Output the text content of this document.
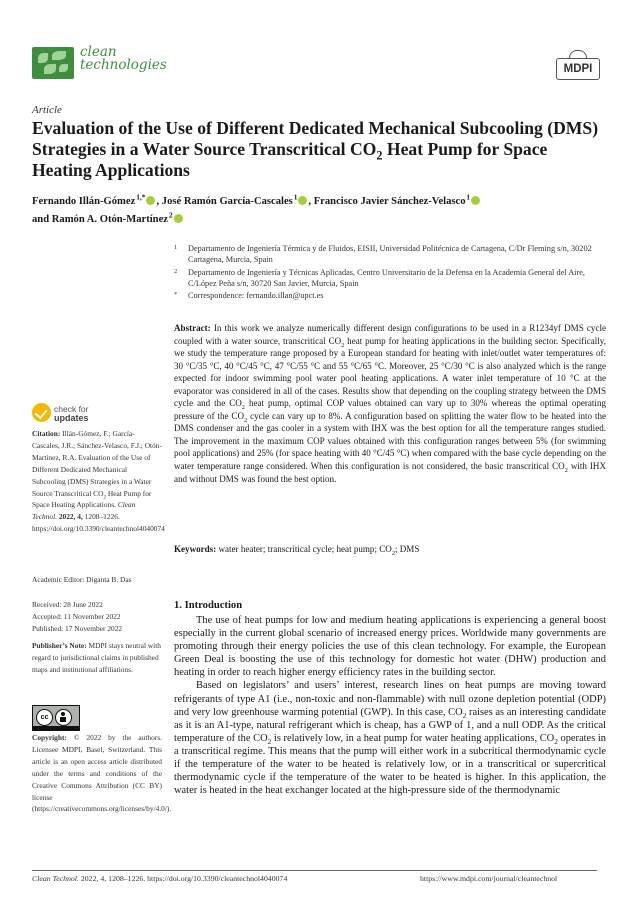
clean
technologies	MDPI
Article
Evaluation of the Use of Different Dedicated Mechanical Subcooling (DMS) Strategies in a Water Source Transcritical $CO_2$ Heat Pump for Space Heating Applications
Fernando Illán-Gómez $^{1,*}$ , José Ramón García-Cascales $^1$ , Francisco Javier Sánchez-Velasco $^1$
and Ramón A. Otón-Martínez $^2$
1 Departamento de Ingeniería Térmica y de Fluidos, EISII, Universidad Politécnica de Cartagena, C/Dr Fleming s/n, 30202 Cartagena, Murcia, Spain
2 Departamento de Ingeniería y Técnicas Aplicadas, Centro Universitario de la Defensa en la Academia General del Aire, C/López Peña s/n, 30720 San Javier, Murcia, Spain
* Correspondence: fernando.illan@upct.es
Abstract: In this work we analyze numerically different design configurations to be used in a R1234yf DMS cycle coupled with a water source, transcritical $CO_2$ heat pump for heating applications in the building sector. Specifically, we study the temperature range proposed by a European standard for heating with inlet/outlet water temperatures of: 30 °C/35 °C, 40 °C/45 °C, 47 °C/55 °C and 55 °C/65 °C. Moreover, 25 °C/30 °C is also analyzed which is the range expected for indoor swimming pool water pool heating applications. A water inlet temperature of 10 °C at the evaporator was considered in all of the cases. Results show that depending on the coupling strategy between the DMS cycle and the $CO_2$ heat pump, optimal COP values obtained can vary up to 30% whereas the optimal operating pressure of the $CO_2$ cycle can vary up to 8%. A configuration based on splitting the water flow to be heated into the DMS condenser and the gas cooler in a system with IHX was the best option for all the temperature ranges studied. The improvement in the maximum COP values obtained with this configuration ranges between 5% (for swimming pool applications) and 25% (for space heating with 40 °C/45 °C) when compared with the base cycle depending on the water temperature range considered. When this configuration is not considered, the basic transcritical $CO_2$ with IHX and without DMS was found the best option.
Keywords: water heater; transcritical cycle; heat pump; $CO_2$; DMS
check for
updates
Citation: Illán-Gómez, F.; García-Cascales, J.R.; Sánchez-Velasco, F.J.; Otón-Martínez, R.A. Evaluation of the Use of Different Dedicated Mechanical Subcooling (DMS) Strategies in a Water Source Transcritical $CO_2$ Heat Pump for Space Heating Applications. Clean Technol. 2022, 4, 1208–1226. https://doi.org/10.3390/cleantechnol4040074
Academic Editor: Diganta B. Das
Received: 28 June 2022
Accepted: 11 November 2022
Published: 17 November 2022
Publisher’s Note: MDPI stays neutral with regard to jurisdictional claims in published maps and institutional affiliations.
cc
Copyright: © 2022 by the authors. Licensee MDPI, Basel, Switzerland. This article is an open access article distributed under the terms and conditions of the Creative Commons Attribution (CC BY) license (https://creativecommons.org/licenses/by/4.0/).
1. Introduction

The use of heat pumps for low and medium heating applications is experiencing a general boost especially in the current global scenario of increased energy prices. Worldwide many governments are promoting through their energy policies the use of this clean technology. For example, the European Green Deal is boosting the use of this technology for domestic hot water (DHW) production and heating in order to reach higher energy efficiency rates in the building sector.

Based on legislators’ and users’ interest, research lines on heat pumps are moving toward refrigerants of type A1 (i.e., non-toxic and non-flammable) with null ozone depletion potential (ODP) and very low greenhouse warming potential (GWP). In this case, $CO_2$ raises as an interesting candidate as it is an A1-type, natural refrigerant which is cheap, has a GWP of 1, and a null ODP. As the critical temperature of the $CO_2$ is relatively low, in a heat pump for water heating applications, $CO_2$ operates in a transcritical regime. This means that the pump will either work in a subcritical thermodynamic cycle if the temperature of the water to be heated is relatively low, or in a transcritical or supercritical thermodynamic cycle if the temperature of the water to be heated is higher. In this application, the water is heated in the heat exchanger located at the high-pressure side of the thermodynamic

Clean Technol. 2022, 4, 1208–1226. https://doi.org/10.3390/cleantechnol4040074	https://www.mdpi.com/journal/cleantechnol
